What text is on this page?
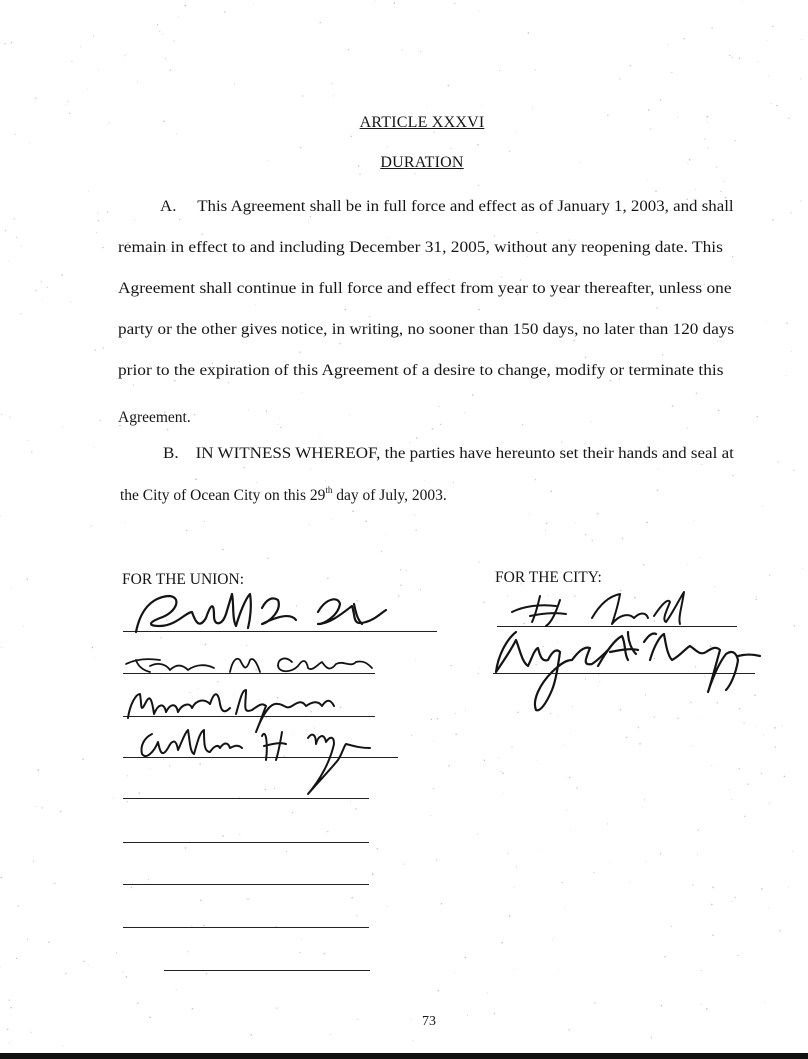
ARTICLE XXXVI
DURATION
A.     This Agreement shall be in full force and effect as of January 1, 2003, and shall
remain in effect to and including December 31, 2005, without any reopening date. This
Agreement shall continue in full force and effect from year to year thereafter, unless one
party or the other gives notice, in writing, no sooner than 150 days, no later than 120 days
prior to the expiration of this Agreement of a desire to change, modify or terminate this
Agreement.
B.    IN WITNESS WHEREOF, the parties have hereunto set their hands and seal at
the City of Ocean City on this 29th day of July, 2003.
FOR THE UNION:	FOR THE CITY:
73
